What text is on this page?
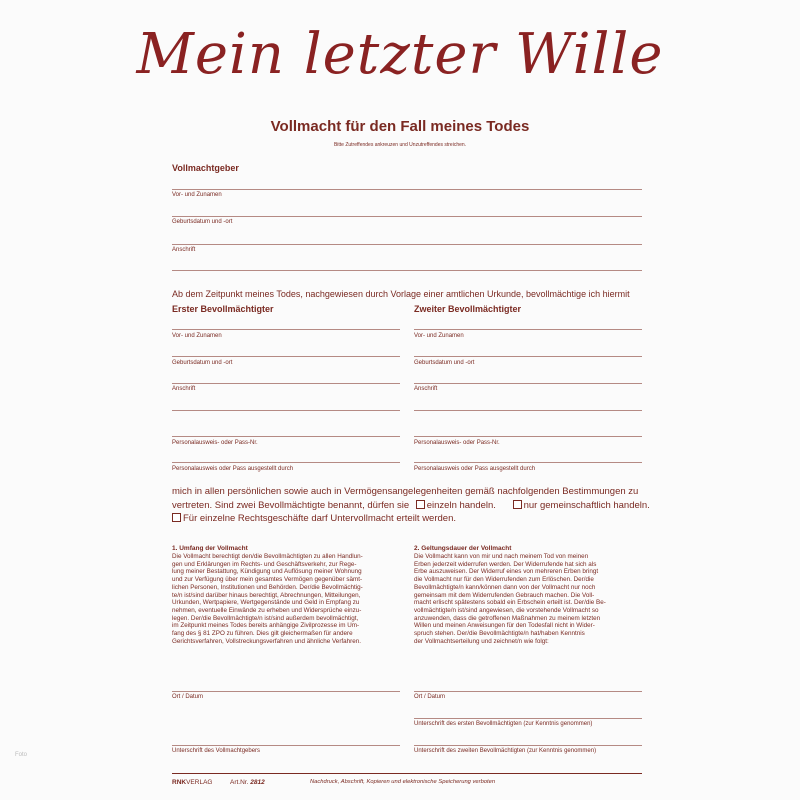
Mein letzter Wille
Vollmacht für den Fall meines Todes
Bitte Zutreffendes ankreuzen und Unzutreffendes streichen.
Vollmachtgeber
Vor- und Zunamen
Geburtsdatum und -ort
Anschrift
Ab dem Zeitpunkt meines Todes, nachgewiesen durch Vorlage einer amtlichen Urkunde, bevollmächtige ich hiermit
Erster Bevollmächtigter
Vor- und Zunamen
Geburtsdatum und -ort
Anschrift
Personalausweis- oder Pass-Nr.
Personalausweis oder Pass ausgestellt durch
Zweiter Bevollmächtigter
Vor- und Zunamen
Geburtsdatum und -ort
Anschrift
Personalausweis- oder Pass-Nr.
Personalausweis oder Pass ausgestellt durch
mich in allen persönlichen sowie auch in Vermögensangelegenheiten gemäß nachfolgenden Bestimmungen zu
vertreten. Sind zwei Bevollmächtigte benannt, dürfen sie einzeln handeln.	nur gemeinschaftlich handeln.
Für einzelne Rechtsgeschäfte darf Untervollmacht erteilt werden.
1. Umfang der Vollmacht
Die Vollmacht berechtigt den/die Bevollmächtigten zu allen Handlun-
gen und Erklärungen im Rechts- und Geschäftsverkehr, zur Rege-
lung meiner Bestattung, Kündigung und Auflösung meiner Wohnung
und zur Verfügung über mein gesamtes Vermögen gegenüber sämt-
lichen Personen, Institutionen und Behörden. Der/die Bevollmächtig-
te/n ist/sind darüber hinaus berechtigt, Abrechnungen, Mitteilungen,
Urkunden, Wertpapiere, Wertgegenstände und Geld in Empfang zu
nehmen, eventuelle Einwände zu erheben und Widersprüche einzu-
legen. Der/die Bevollmächtigte/n ist/sind außerdem bevollmächtigt,
im Zeitpunkt meines Todes bereits anhängige Zivilprozesse im Um-
fang des § 81 ZPO zu führen. Dies gilt gleichermaßen für andere
Gerichtsverfahren, Vollstreckungsverfahren und ähnliche Verfahren.
2. Geltungsdauer der Vollmacht
Die Vollmacht kann von mir und nach meinem Tod von meinen
Erben jederzeit widerrufen werden. Der Widerrufende hat sich als
Erbe auszuweisen. Der Widerruf eines von mehreren Erben bringt
die Vollmacht nur für den Widerrufenden zum Erlöschen. Der/die
Bevollmächtigte/n kann/können dann von der Vollmacht nur noch
gemeinsam mit dem Widerrufenden Gebrauch machen. Die Voll-
macht erlischt spätestens sobald ein Erbschein erteilt ist. Der/die Be-
vollmächtigte/n ist/sind angewiesen, die vorstehende Vollmacht so
anzuwenden, dass die getroffenen Maßnahmen zu meinem letzten
Willen und meinen Anweisungen für den Todesfall nicht in Wider-
spruch stehen. Der/die Bevollmächtigte/n hat/haben Kenntnis
der Vollmachtserteilung und zeichnet/n wie folgt:
Ort / Datum	Ort / Datum
Unterschrift des ersten Bevollmächtigten (zur Kenntnis genommen)
Unterschrift des Vollmachtgebers	Unterschrift des zweiten Bevollmächtigten (zur Kenntnis genommen)
RNKVERLAG	Art.Nr. 2812	Nachdruck, Abschrift, Kopieren und elektronische Speicherung verboten
Foto
